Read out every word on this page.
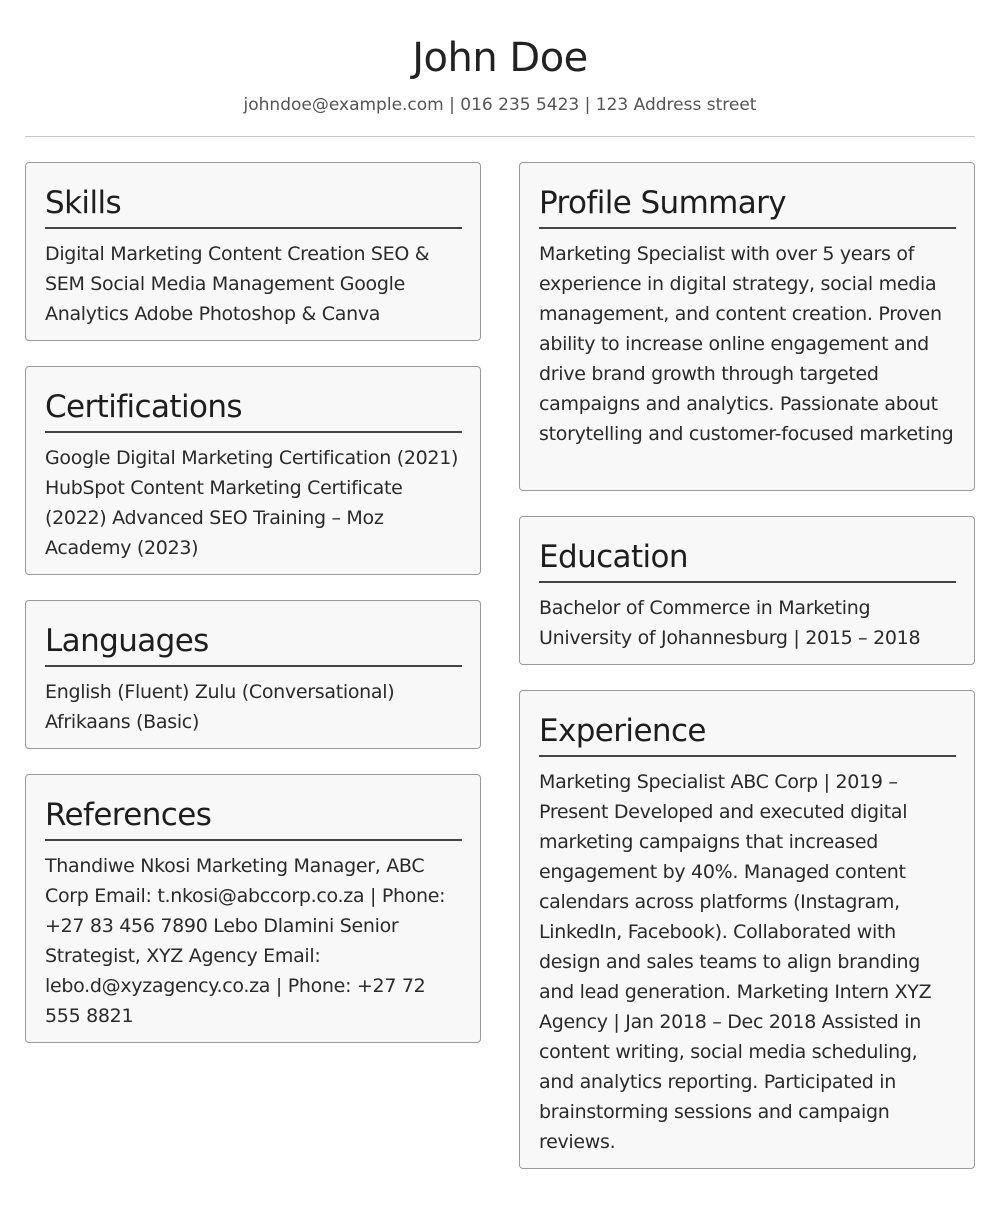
John Doe
johndoe@example.com | 016 235 5423 | 123 Address street
Skills

Digital Marketing Content Creation SEO & SEM Social Media Management Google Analytics Adobe Photoshop & Canva

Certifications

Google Digital Marketing Certification (2021) HubSpot Content Marketing Certificate (2022) Advanced SEO Training – Moz Academy (2023)

Languages

English (Fluent) Zulu (Conversational) Afrikaans (Basic)

References

Thandiwe Nkosi Marketing Manager, ABC Corp Email: t.nkosi@abccorp.co.za | Phone: +27 83 456 7890 Lebo Dlamini Senior Strategist, XYZ Agency Email: lebo.d@xyzagency.co.za | Phone: +27 72 555 8821

Profile Summary

Marketing Specialist with over 5 years of experience in digital strategy, social media management, and content creation. Proven ability to increase online engagement and drive brand growth through targeted campaigns and analytics. Passionate about storytelling and customer-focused marketing

Education

Bachelor of Commerce in Marketing University of Johannesburg | 2015 – 2018

Experience

Marketing Specialist ABC Corp | 2019 – Present Developed and executed digital marketing campaigns that increased engagement by 40%. Managed content calendars across platforms (Instagram, LinkedIn, Facebook). Collaborated with design and sales teams to align branding and lead generation. Marketing Intern XYZ Agency | Jan 2018 – Dec 2018 Assisted in content writing, social media scheduling, and analytics reporting. Participated in brainstorming sessions and campaign reviews.
